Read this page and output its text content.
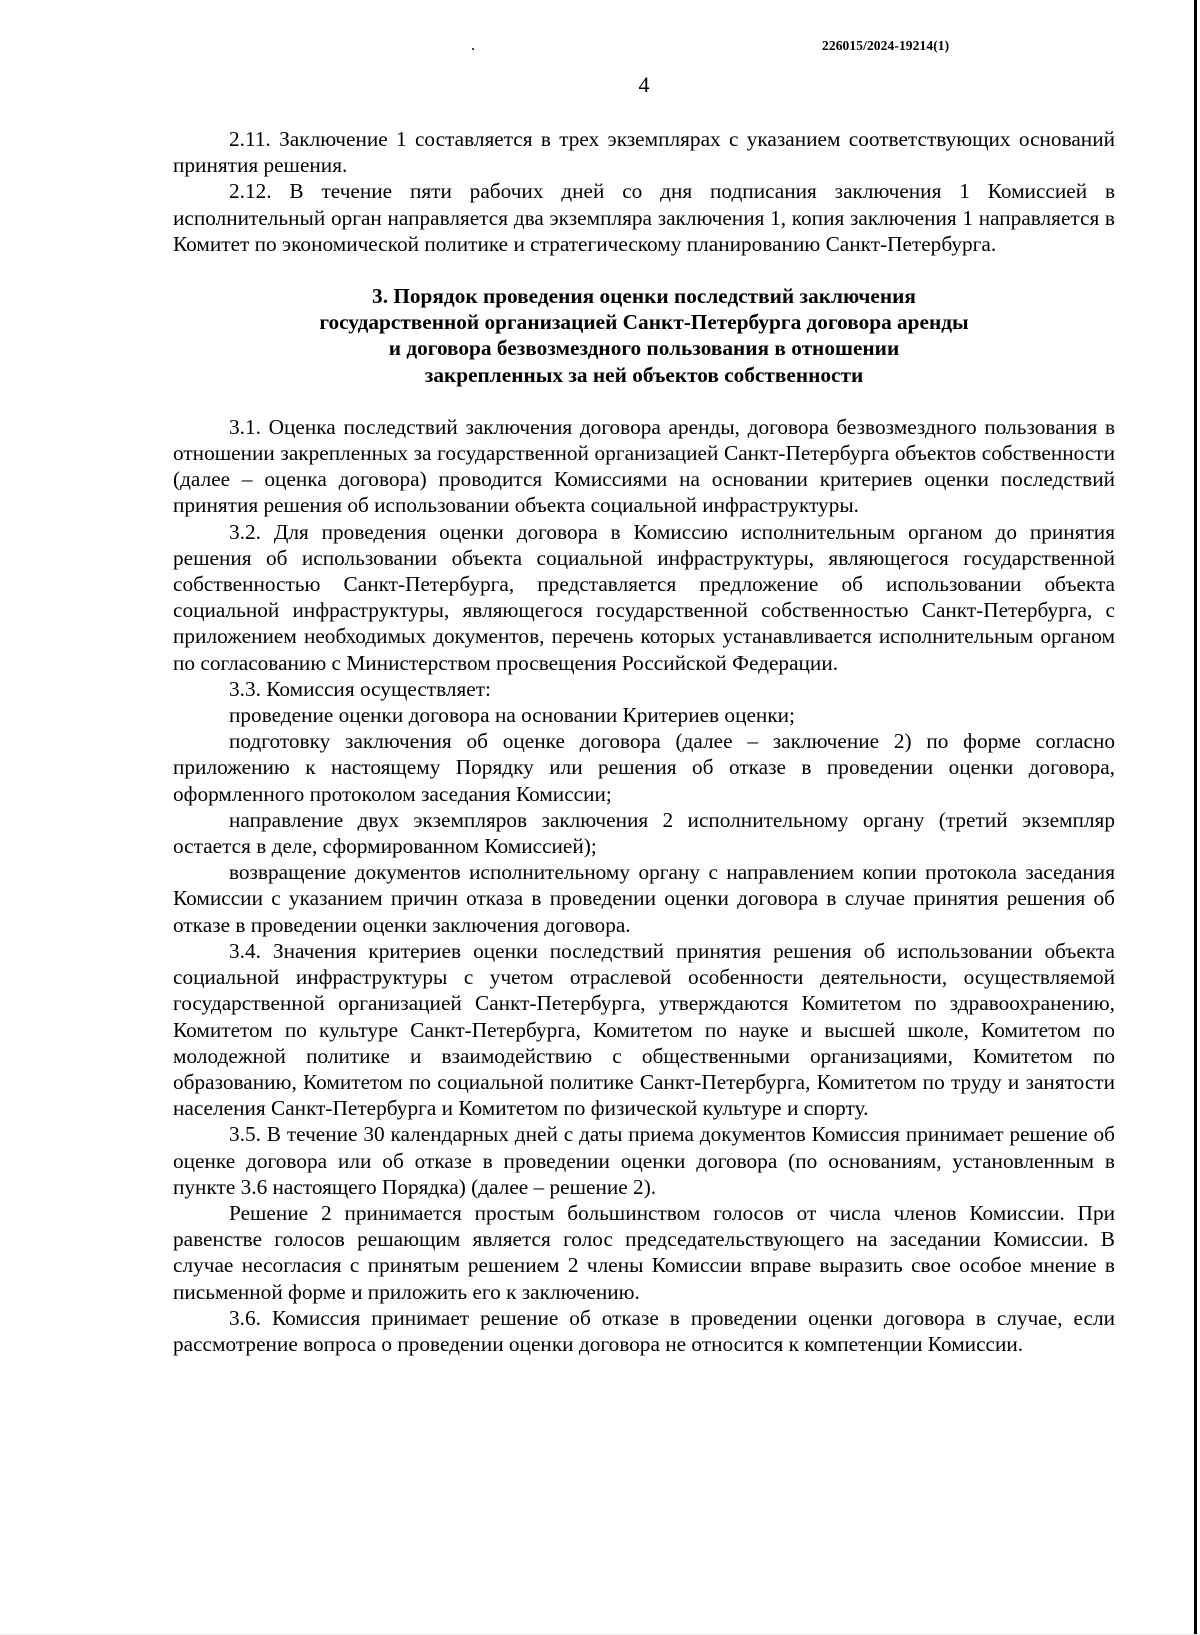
226015/2024-19214(1)
4

2.11. Заключение 1 составляется в трех экземплярах с указанием соответствующих оснований принятия решения.

2.12. В течение пяти рабочих дней со дня подписания заключения 1 Комиссией в исполнительный орган направляется два экземпляра заключения 1, копия заключения 1 направляется в Комитет по экономической политике и стратегическому планированию Санкт-Петербурга.

3. Порядок проведения оценки последствий заключения
государственной организацией Санкт-Петербурга договора аренды
и договора безвозмездного пользования в отношении
закрепленных за ней объектов собственности

3.1. Оценка последствий заключения договора аренды, договора безвозмездного пользования в отношении закрепленных за государственной организацией Санкт-Петербурга объектов собственности (далее – оценка договора) проводится Комиссиями на основании критериев оценки последствий принятия решения об использовании объекта социальной инфраструктуры.

3.2. Для проведения оценки договора в Комиссию исполнительным органом до принятия решения об использовании объекта социальной инфраструктуры, являющегося государственной собственностью Санкт-Петербурга, представляется предложение об использовании объекта социальной инфраструктуры, являющегося государственной собственностью Санкт-Петербурга, с приложением необходимых документов, перечень которых устанавливается исполнительным органом по согласованию с Министерством просвещения Российской Федерации.

3.3. Комиссия осуществляет:

проведение оценки договора на основании Критериев оценки;

подготовку заключения об оценке договора (далее – заключение 2) по форме согласно приложению к настоящему Порядку или решения об отказе в проведении оценки договора, оформленного протоколом заседания Комиссии;

направление двух экземпляров заключения 2 исполнительному органу (третий экземпляр остается в деле, сформированном Комиссией);

возвращение документов исполнительному органу с направлением копии протокола заседания Комиссии с указанием причин отказа в проведении оценки договора в случае принятия решения об отказе в проведении оценки заключения договора.

3.4. Значения критериев оценки последствий принятия решения об использовании объекта социальной инфраструктуры с учетом отраслевой особенности деятельности, осуществляемой государственной организацией Санкт-Петербурга, утверждаются Комитетом по здравоохранению, Комитетом по культуре Санкт-Петербурга, Комитетом по науке и высшей школе, Комитетом по молодежной политике и взаимодействию с общественными организациями, Комитетом по образованию, Комитетом по социальной политике Санкт-Петербурга, Комитетом по труду и занятости населения Санкт-Петербурга и Комитетом по физической культуре и спорту.

3.5. В течение 30 календарных дней с даты приема документов Комиссия принимает решение об оценке договора или об отказе в проведении оценки договора (по основаниям, установленным в пункте 3.6 настоящего Порядка) (далее – решение 2).

Решение 2 принимается простым большинством голосов от числа членов Комиссии. При равенстве голосов решающим является голос председательствующего на заседании Комиссии. В случае несогласия с принятым решением 2 члены Комиссии вправе выразить свое особое мнение в письменной форме и приложить его к заключению.

3.6. Комиссия принимает решение об отказе в проведении оценки договора в случае, если рассмотрение вопроса о проведении оценки договора не относится к компетенции Комиссии.
